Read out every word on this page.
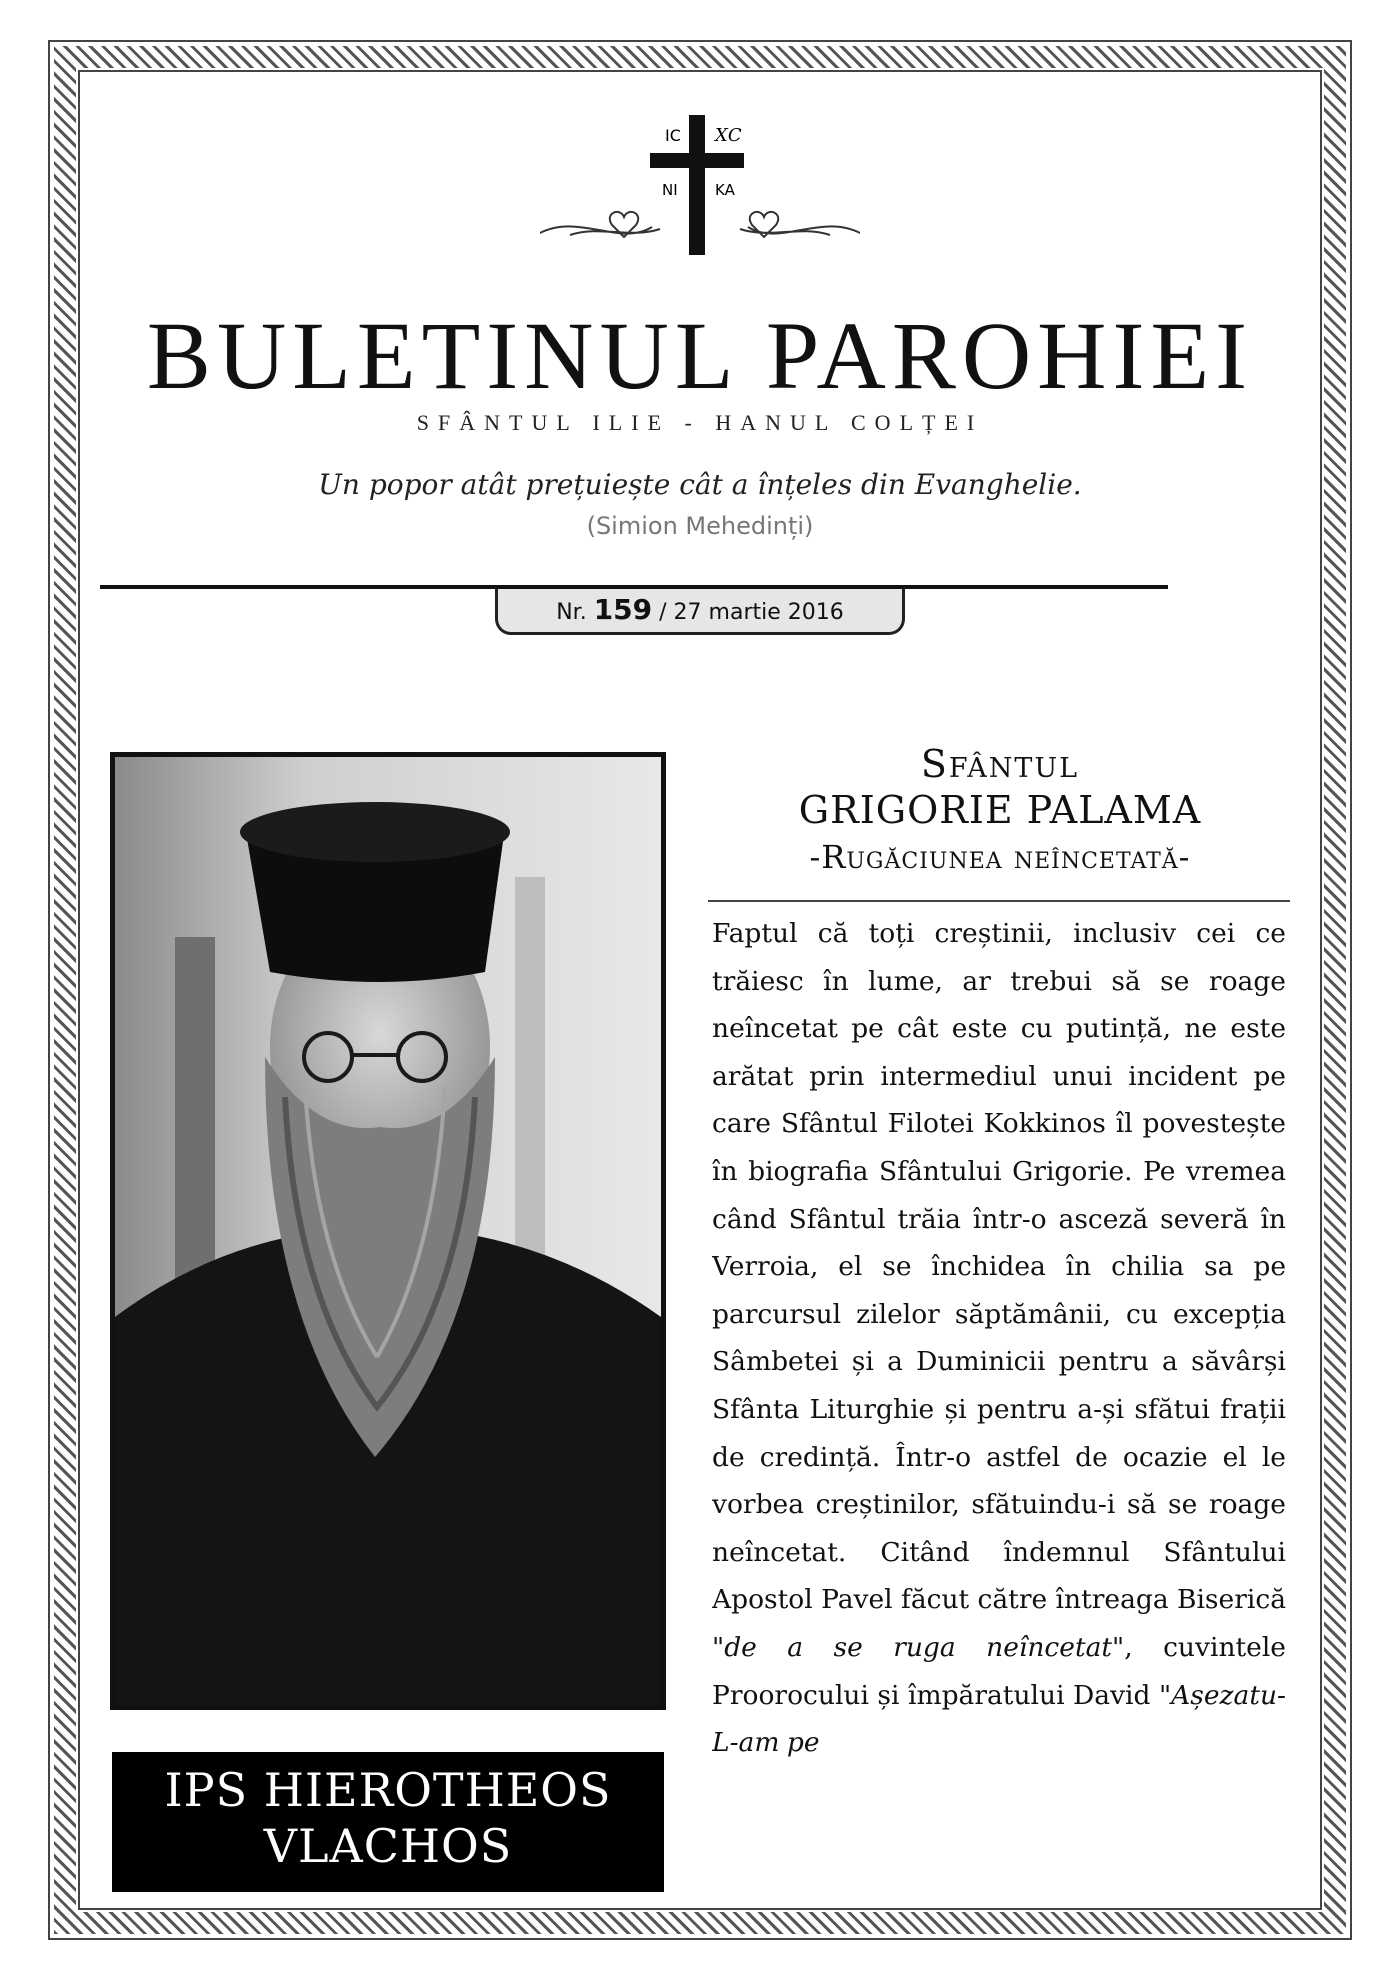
IC ΧC
NI KA
BULETINUL PAROHIEI
SFÂNTUL ILIE - HANUL COLȚEI
Un popor atât prețuiește cât a înțeles din Evanghelie.
(Simion Mehedinți)
Nr. 159 / 27 martie 2016
IPS HIEROTHEOS
VLACHOS
Sfântul
GRIGORIE PALAMA
-Rugăciunea neîncetată-
Faptul că toți creștinii, inclusiv cei ce trăiesc în lume, ar trebui să se roage neîncetat pe cât este cu putință, ne este arătat prin intermediul unui incident pe care Sfântul Filotei Kokkinos îl povestește în biografia Sfântului Grigorie. Pe vremea când Sfântul trăia într-o asceză severă în Verroia, el se închidea în chilia sa pe parcursul zilelor săptămânii, cu excepția Sâmbetei și a Duminicii pentru a săvârși Sfânta Liturghie și pentru a-și sfătui frații de credință. Într-o astfel de ocazie el le vorbea creștinilor, sfătuindu-i să se roage neîncetat. Citând îndemnul Sfântului Apostol Pavel făcut către întreaga Biserică "de a se ruga neîncetat", cuvintele Proorocului și împăratului David "Așezatu-L-am pe
